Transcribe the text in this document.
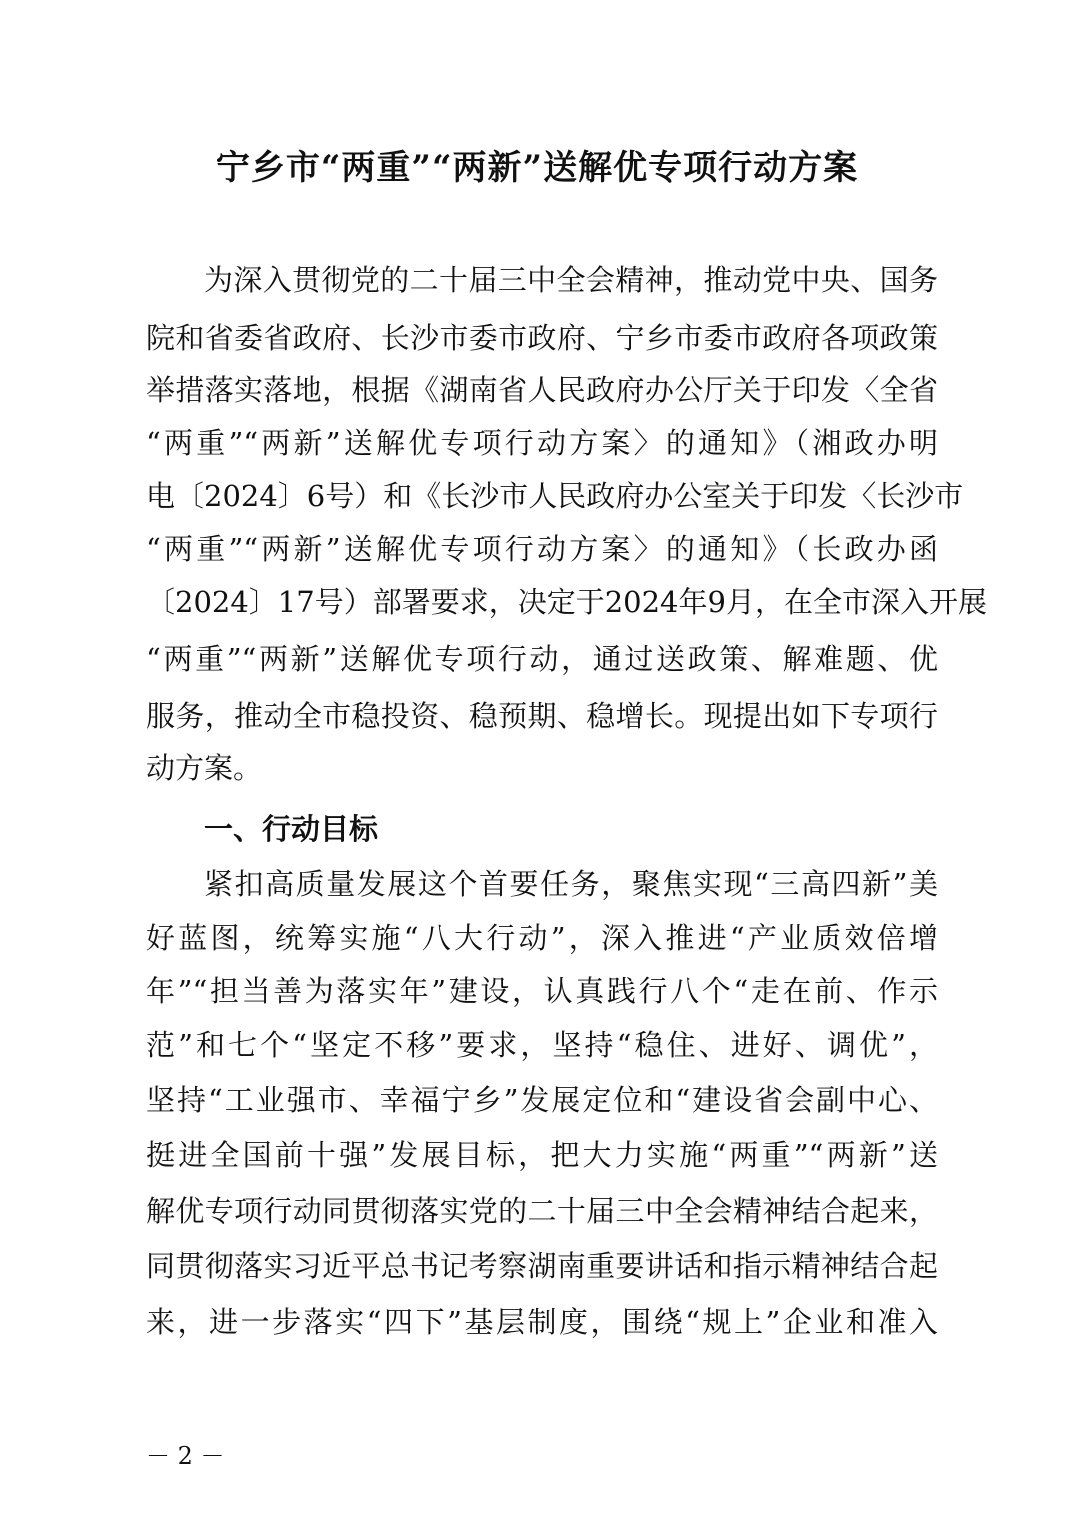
宁乡市“两重”“两新”送解优专项行动方案

为深入贯彻党的二十届三中全会精神，推动党中央、国务

院和省委省政府、长沙市委市政府、宁乡市委市政府各项政策

举措落实落地，根据《湖南省人民政府办公厅关于印发〈全省

“两重”“两新”送解优专项行动方案〉的通知》（湘政办明

电〔2024〕6号）和《长沙市人民政府办公室关于印发〈长沙市

“两重”“两新”送解优专项行动方案〉的通知》（长政办函

〔2024〕17号）部署要求，决定于2024年9月，在全市深入开展

“两重”“两新”送解优专项行动，通过送政策、解难题、优

服务，推动全市稳投资、稳预期、稳增长。现提出如下专项行

动方案。

一、行动目标

紧扣高质量发展这个首要任务，聚焦实现“三高四新”美

好蓝图，统筹实施“八大行动”，深入推进“产业质效倍增

年”“担当善为落实年”建设，认真践行八个“走在前、作示

范”和七个“坚定不移”要求，坚持“稳住、进好、调优”，

坚持“工业强市、幸福宁乡”发展定位和“建设省会副中心、

挺进全国前十强”发展目标，把大力实施“两重”“两新”送

解优专项行动同贯彻落实党的二十届三中全会精神结合起来，

同贯彻落实习近平总书记考察湖南重要讲话和指示精神结合起

来，进一步落实“四下”基层制度，围绕“规上”企业和准入

－ 2 －
